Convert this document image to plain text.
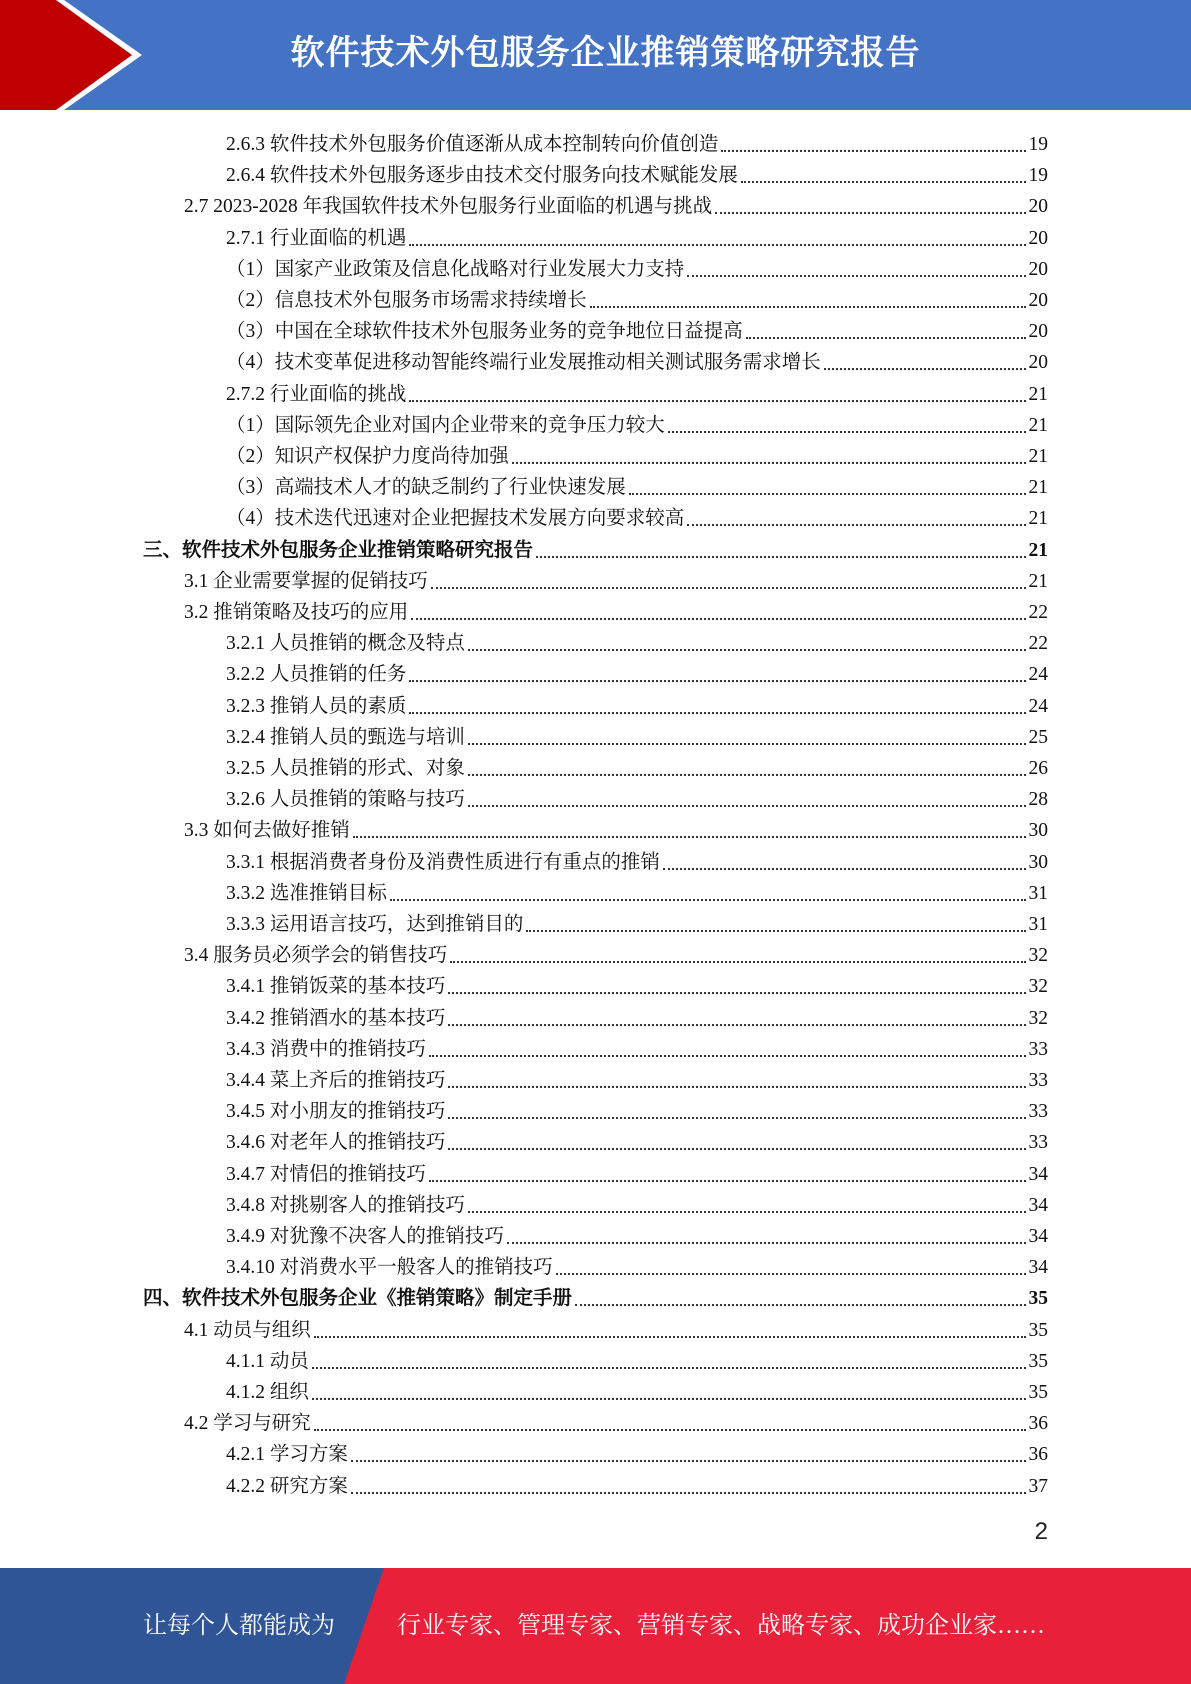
软件技术外包服务企业推销策略研究报告
2.6.3 软件技术外包服务价值逐渐从成本控制转向价值创造	19
2.6.4 软件技术外包服务逐步由技术交付服务向技术赋能发展	19
2.7 2023-2028 年我国软件技术外包服务行业面临的机遇与挑战	20
2.7.1 行业面临的机遇	20
（1）国家产业政策及信息化战略对行业发展大力支持	20
（2）信息技术外包服务市场需求持续增长	20
（3）中国在全球软件技术外包服务业务的竞争地位日益提高	20
（4）技术变革促进移动智能终端行业发展推动相关测试服务需求增长	20
2.7.2 行业面临的挑战	21
（1）国际领先企业对国内企业带来的竞争压力较大	21
（2）知识产权保护力度尚待加强	21
（3）高端技术人才的缺乏制约了行业快速发展	21
（4）技术迭代迅速对企业把握技术发展方向要求较高	21
三、软件技术外包服务企业推销策略研究报告	21
3.1 企业需要掌握的促销技巧	21
3.2 推销策略及技巧的应用	22
3.2.1 人员推销的概念及特点	22
3.2.2 人员推销的任务	24
3.2.3 推销人员的素质	24
3.2.4 推销人员的甄选与培训	25
3.2.5 人员推销的形式、对象	26
3.2.6 人员推销的策略与技巧	28
3.3 如何去做好推销	30
3.3.1 根据消费者身份及消费性质进行有重点的推销	30
3.3.2 选准推销目标	31
3.3.3 运用语言技巧，达到推销目的	31
3.4 服务员必须学会的销售技巧	32
3.4.1 推销饭菜的基本技巧	32
3.4.2 推销酒水的基本技巧	32
3.4.3 消费中的推销技巧	33
3.4.4 菜上齐后的推销技巧	33
3.4.5 对小朋友的推销技巧	33
3.4.6 对老年人的推销技巧	33
3.4.7 对情侣的推销技巧	34
3.4.8 对挑剔客人的推销技巧	34
3.4.9 对犹豫不决客人的推销技巧	34
3.4.10 对消费水平一般客人的推销技巧	34
四、软件技术外包服务企业《推销策略》制定手册	35
4.1 动员与组织	35
4.1.1 动员	35
4.1.2 组织	35
4.2 学习与研究	36
4.2.1 学习方案	36
4.2.2 研究方案	37
2
让每个人都能成为	行业专家、管理专家、营销专家、战略专家、成功企业家……
